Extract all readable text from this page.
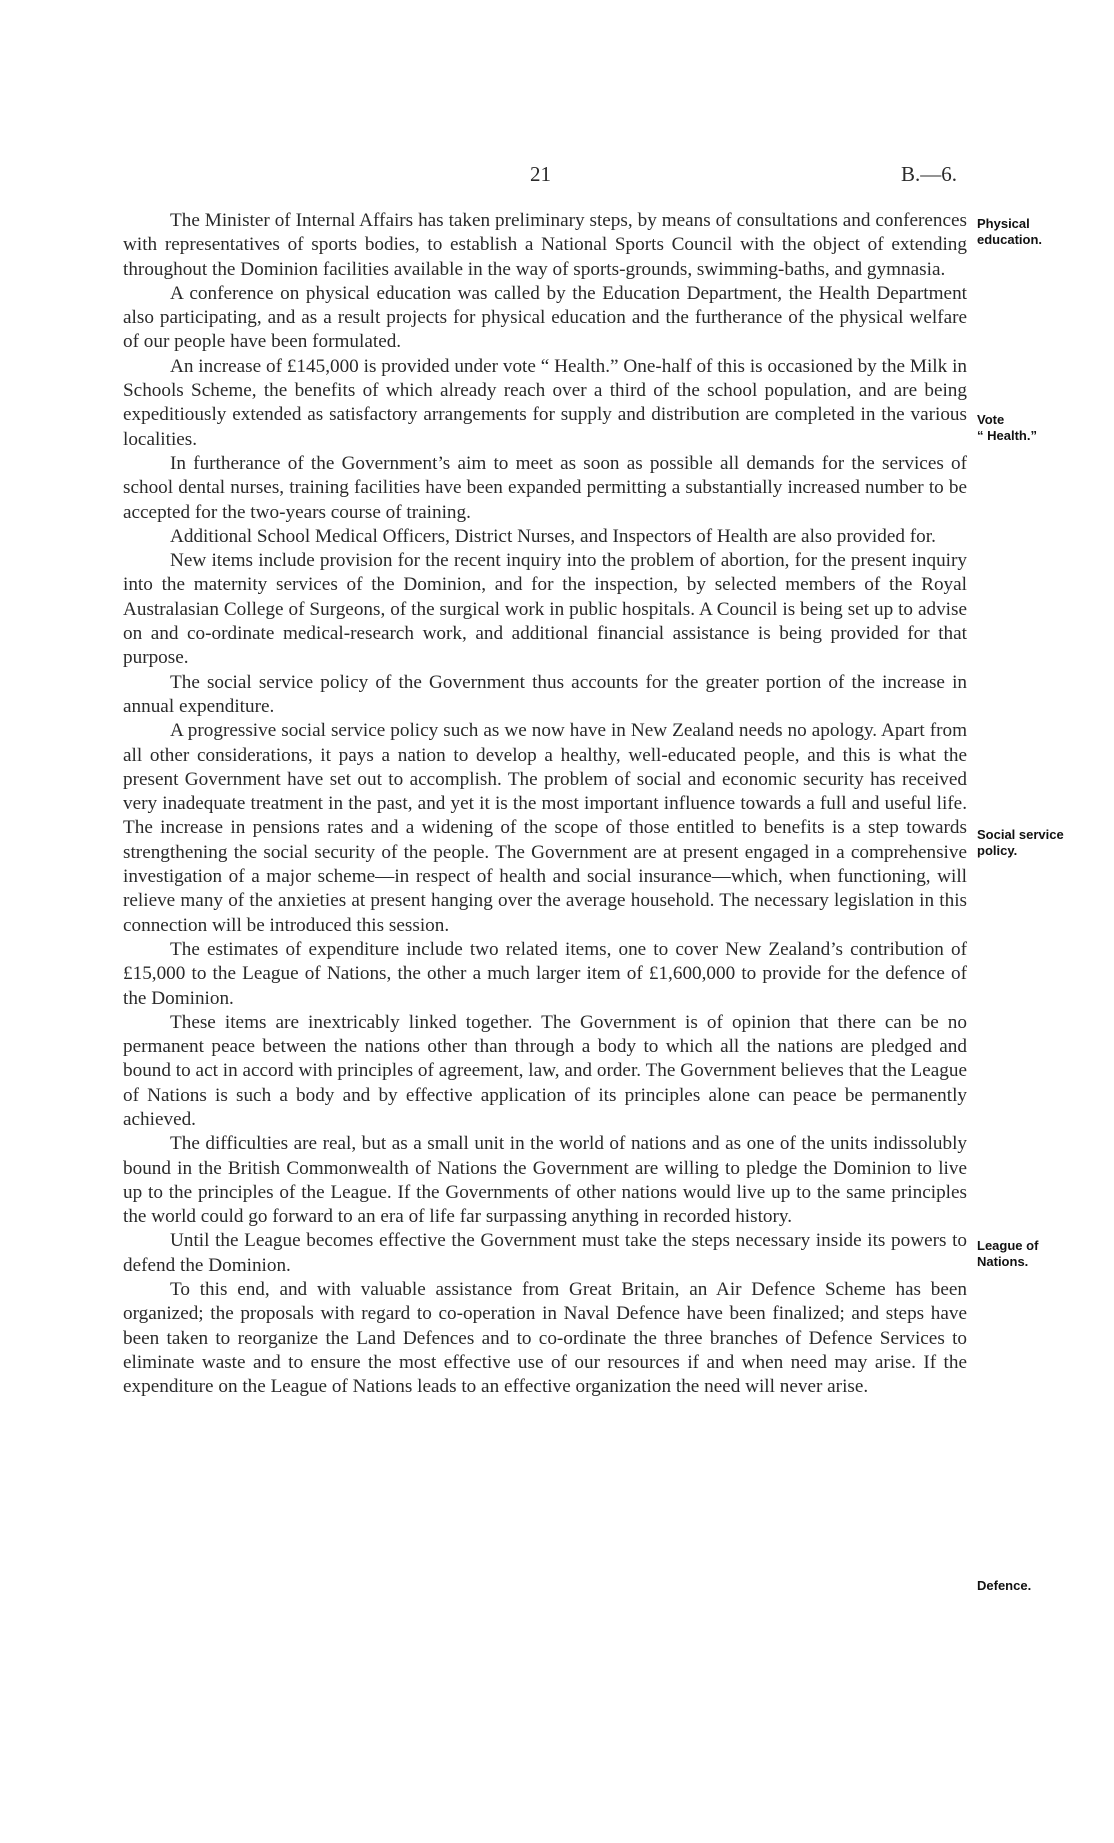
21	B.—6.

The Minister of Internal Affairs has taken preliminary steps, by means of consultations and conferences with representatives of sports bodies, to establish a National Sports Council with the object of extending throughout the Dominion facilities available in the way of sports-grounds, swimming-baths, and gymnasia.

A conference on physical education was called by the Education Department, the Health Department also participating, and as a result projects for physical education and the furtherance of the physical welfare of our people have been formulated.

An increase of £145,000 is provided under vote “ Health.” One-half of this is occasioned by the Milk in Schools Scheme, the benefits of which already reach over a third of the school population, and are being expeditiously extended as satisfactory arrangements for supply and distribution are completed in the various localities.

In furtherance of the Government’s aim to meet as soon as possible all demands for the services of school dental nurses, training facilities have been expanded permitting a substantially increased number to be accepted for the two-years course of training.

Additional School Medical Officers, District Nurses, and Inspectors of Health are also provided for.

New items include provision for the recent inquiry into the problem of abortion, for the present inquiry into the maternity services of the Dominion, and for the inspection, by selected members of the Royal Australasian College of Surgeons, of the surgical work in public hospitals. A Council is being set up to advise on and co-ordinate medical-research work, and additional financial assistance is being provided for that purpose.

The social service policy of the Government thus accounts for the greater portion of the increase in annual expenditure.

A progressive social service policy such as we now have in New Zealand needs no apology. Apart from all other considerations, it pays a nation to develop a healthy, well-educated people, and this is what the present Government have set out to accomplish. The problem of social and economic security has received very inadequate treatment in the past, and yet it is the most important influence towards a full and useful life. The increase in pensions rates and a widening of the scope of those entitled to benefits is a step towards strengthening the social security of the people. The Government are at present engaged in a comprehensive investigation of a major scheme—in respect of health and social insurance—which, when functioning, will relieve many of the anxieties at present hanging over the average household. The necessary legislation in this connection will be introduced this session.

The estimates of expenditure include two related items, one to cover New Zealand’s contribution of £15,000 to the League of Nations, the other a much larger item of £1,600,000 to provide for the defence of the Dominion.

These items are inextricably linked together. The Government is of opinion that there can be no permanent peace between the nations other than through a body to which all the nations are pledged and bound to act in accord with principles of agreement, law, and order. The Government believes that the League of Nations is such a body and by effective application of its principles alone can peace be permanently achieved.

The difficulties are real, but as a small unit in the world of nations and as one of the units indissolubly bound in the British Commonwealth of Nations the Government are willing to pledge the Dominion to live up to the principles of the League. If the Governments of other nations would live up to the same principles the world could go forward to an era of life far surpassing anything in recorded history.

Until the League becomes effective the Government must take the steps necessary inside its powers to defend the Dominion.

To this end, and with valuable assistance from Great Britain, an Air Defence Scheme has been organized; the proposals with regard to co-operation in Naval Defence have been finalized; and steps have been taken to reorganize the Land Defences and to co-ordinate the three branches of Defence Services to eliminate waste and to ensure the most effective use of our resources if and when need may arise. If the expenditure on the League of Nations leads to an effective organization the need will never arise.

Physical
education.
Vote
“ Health.”
Social service
policy.
League of
Nations.
Defence.
